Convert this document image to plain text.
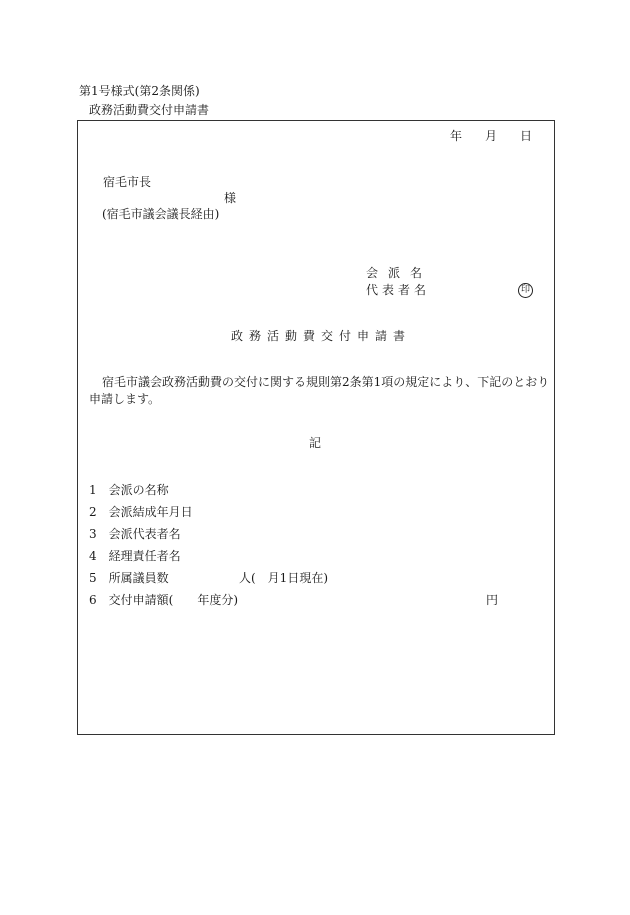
第1号様式(第2条関係)
政務活動費交付申請書
年 月 日
宿毛市長
様
(宿毛市議会議長経由)
会派名
代表者名	印
政務活動費交付申請書
宿毛市議会政務活動費の交付に関する規則第2条第1項の規定により、下記のとおり
申請します。
記
1 会派の名称
2 会派結成年月日
3 会派代表者名
4 経理責任者名
5 所属議員数	人(　月1日現在)
6 交付申請額(　　年度分)	円
